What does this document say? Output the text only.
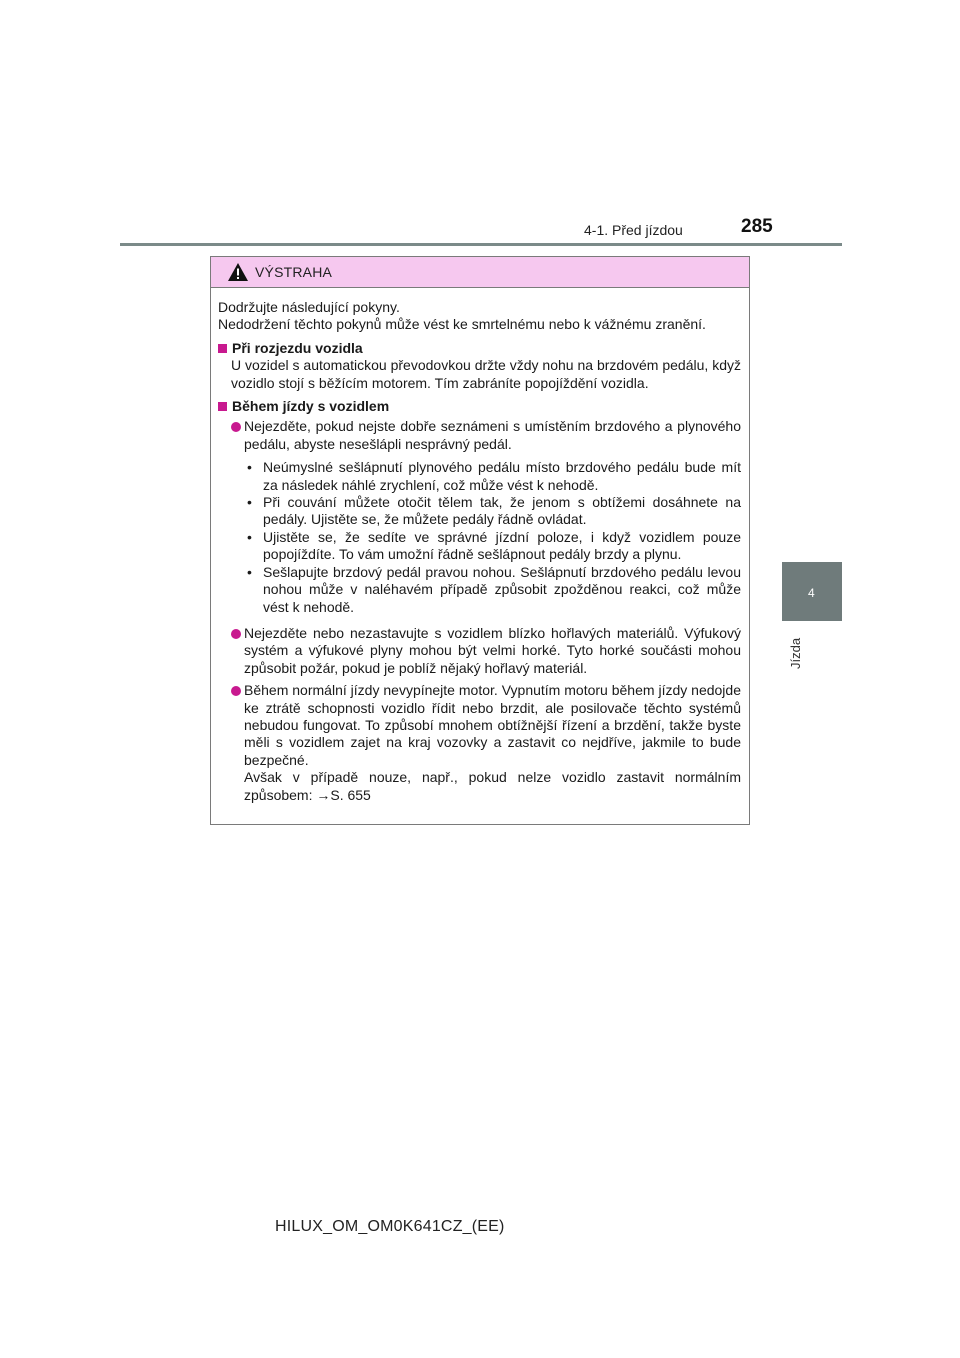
4-1. Před jízdou	285
4
Jízda
VÝSTRAHA

Dodržujte následující pokyny.

Nedodržení těchto pokynů může vést ke smrtelnému nebo k vážnému zranění.

Při rozjezdu vozidla

U vozidel s automatickou převodovkou držte vždy nohu na brzdovém pedálu, když vozidlo stojí s běžícím motorem. Tím zabráníte popojíždění vozidla.

Během jízdy s vozidlem

Nejezděte, pokud nejste dobře seznámeni s umístěním brzdového a plynového pedálu, abyste nesešlápli nesprávný pedál.

• Neúmyslné sešlápnutí plynového pedálu místo brzdového pedálu bude mít za následek náhlé zrychlení, což může vést k nehodě.
• Při couvání můžete otočit tělem tak, že jenom s obtížemi dosáhnete na pedály. Ujistěte se, že můžete pedály řádně ovládat.
• Ujistěte se, že sedíte ve správné jízdní poloze, i když vozidlem pouze popojíždíte. To vám umožní řádně sešlápnout pedály brzdy a plynu.
• Sešlapujte brzdový pedál pravou nohou. Sešlápnutí brzdového pedálu levou nohou může v naléhavém případě způsobit zpožděnou reakci, což může vést k nehodě.

Nejezděte nebo nezastavujte s vozidlem blízko hořlavých materiálů. Výfukový systém a výfukové plyny mohou být velmi horké. Tyto horké součásti mohou způsobit požár, pokud je poblíž nějaký hořlavý materiál.

Během normální jízdy nevypínejte motor. Vypnutím motoru během jízdy nedojde ke ztrátě schopnosti vozidlo řídit nebo brzdit, ale posilovače těchto systémů nebudou fungovat. To způsobí mnohem obtížnější řízení a brzdění, takže byste měli s vozidlem zajet na kraj vozovky a zastavit co nejdříve, jakmile to bude bezpečné.

Avšak v případě nouze, např., pokud nelze vozidlo zastavit normálním způsobem: →S. 655

HILUX_OM_OM0K641CZ_(EE)
